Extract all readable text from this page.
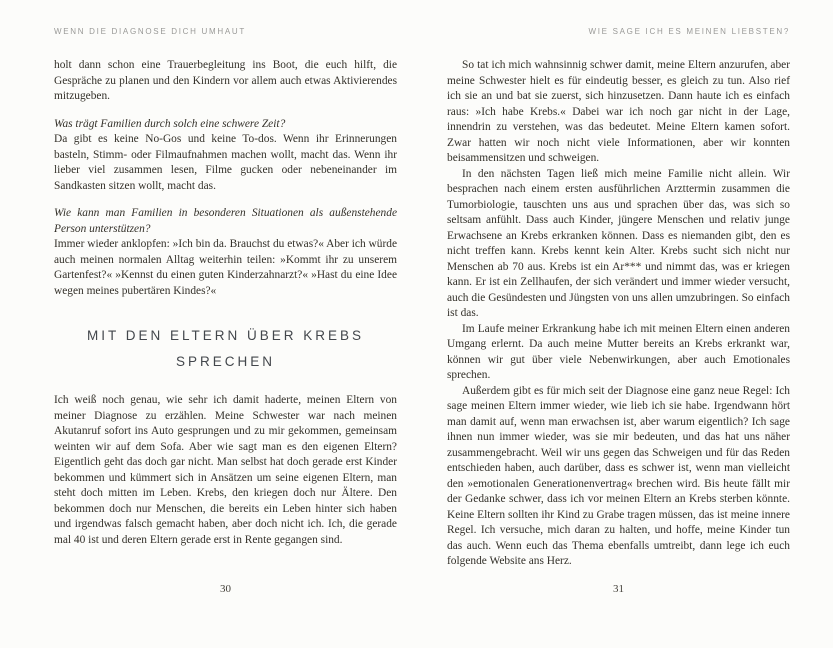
WENN DIE DIAGNOSE DICH UMHAUT

holt dann schon eine Trauerbegleitung ins Boot, die euch hilft, die Gespräche zu planen und den Kindern vor allem auch etwas Aktivierendes mitzugeben.

Was trägt Familien durch solch eine schwere Zeit?

Da gibt es keine No-Gos und keine To-dos. Wenn ihr Erinnerungen basteln, Stimm- oder Filmaufnahmen machen wollt, macht das. Wenn ihr lieber viel zusammen lesen, Filme gucken oder nebeneinander im Sandkasten sitzen wollt, macht das.

Wie kann man Familien in besonderen Situationen als außenstehende Person unterstützen?

Immer wieder anklopfen: »Ich bin da. Brauchst du etwas?« Aber ich würde auch meinen normalen Alltag weiterhin teilen: »Kommt ihr zu unserem Gartenfest?« »Kennst du einen guten Kinderzahnarzt?« »Hast du eine Idee wegen meines pubertären Kindes?«

MIT DEN ELTERN ÜBER KREBS
SPRECHEN

Ich weiß noch genau, wie sehr ich damit haderte, meinen Eltern von meiner Diagnose zu erzählen. Meine Schwester war nach meinen Akutanruf sofort ins Auto gesprungen und zu mir gekommen, gemeinsam weinten wir auf dem Sofa. Aber wie sagt man es den eigenen Eltern? Eigentlich geht das doch gar nicht. Man selbst hat doch gerade erst Kinder bekommen und kümmert sich in Ansätzen um seine eigenen Eltern, man steht doch mitten im Leben. Krebs, den kriegen doch nur Ältere. Den bekommen doch nur Menschen, die bereits ein Leben hinter sich haben und irgendwas falsch gemacht haben, aber doch nicht ich. Ich, die gerade mal 40 ist und deren Eltern gerade erst in Rente gegangen sind.

30
WIE SAGE ICH ES MEINEN LIEBSTEN?

So tat ich mich wahnsinnig schwer damit, meine Eltern anzurufen, aber meine Schwester hielt es für eindeutig besser, es gleich zu tun. Also rief ich sie an und bat sie zuerst, sich hinzusetzen. Dann haute ich es einfach raus: »Ich habe Krebs.« Dabei war ich noch gar nicht in der Lage, innendrin zu verstehen, was das bedeutet. Meine Eltern kamen sofort. Zwar hatten wir noch nicht viele Informationen, aber wir konnten beisammensitzen und schweigen.

In den nächsten Tagen ließ mich meine Familie nicht allein. Wir besprachen nach einem ersten ausführlichen Arzttermin zusammen die Tumorbiologie, tauschten uns aus und sprachen über das, was sich so seltsam anfühlt. Dass auch Kinder, jüngere Menschen und relativ junge Erwachsene an Krebs erkranken können. Dass es niemanden gibt, den es nicht treffen kann. Krebs kennt kein Alter. Krebs sucht sich nicht nur Menschen ab 70 aus. Krebs ist ein Ar*** und nimmt das, was er kriegen kann. Er ist ein Zellhaufen, der sich verändert und immer wieder versucht, auch die Gesündesten und Jüngsten von uns allen umzubringen. So einfach ist das.

Im Laufe meiner Erkrankung habe ich mit meinen Eltern einen anderen Umgang erlernt. Da auch meine Mutter bereits an Krebs erkrankt war, können wir gut über viele Nebenwirkungen, aber auch Emotionales sprechen.

Außerdem gibt es für mich seit der Diagnose eine ganz neue Regel: Ich sage meinen Eltern immer wieder, wie lieb ich sie habe. Irgendwann hört man damit auf, wenn man erwachsen ist, aber warum eigentlich? Ich sage ihnen nun immer wieder, was sie mir bedeuten, und das hat uns näher zusammengebracht. Weil wir uns gegen das Schweigen und für das Reden entschieden haben, auch darüber, dass es schwer ist, wenn man vielleicht den »emotionalen Generationenvertrag« brechen wird. Bis heute fällt mir der Gedanke schwer, dass ich vor meinen Eltern an Krebs sterben könnte. Keine Eltern sollten ihr Kind zu Grabe tragen müssen, das ist meine innere Regel. Ich versuche, mich daran zu halten, und hoffe, meine Kinder tun das auch. Wenn euch das Thema ebenfalls umtreibt, dann lege ich euch folgende Website ans Herz.

31
